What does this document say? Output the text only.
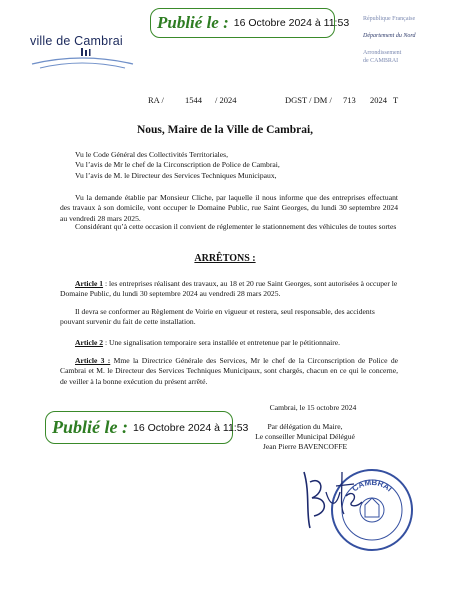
Publié le : 16 Octobre 2024 à 11:53
ville de Cambrai
République Française
Département du Nord
Arrondissement
de CAMBRAI
RA / 1544 / 2024	DGST / DM / 713 2024 T
Nous, Maire de la Ville de Cambrai,
Vu le Code Général des Collectivités Territoriales,
Vu l’avis de Mr le chef de la Circonscription de Police de Cambrai,
Vu l’avis de M. le Directeur des Services Techniques Municipaux,
Vu la demande établie par Monsieur Cliche, par laquelle il nous informe que des entreprises effectuant des travaux à son domicile, vont occuper le Domaine Public, rue Saint Georges, du lundi 30 septembre 2024 au vendredi 28 mars 2025.
Considérant qu’à cette occasion il convient de réglementer le stationnement des véhicules de toutes sortes
ARRÊTONS :
Article 1 : les entreprises réalisant des travaux, au 18 et 20 rue Saint Georges, sont autorisées à occuper le Domaine Public, du lundi 30 septembre 2024 au vendredi 28 mars 2025.
Il devra se conformer au Règlement de Voirie en vigueur et restera, seul responsable, des accidents pouvant survenir du fait de cette installation.
Article 2 : Une signalisation temporaire sera installée et entretenue par le pétitionnaire.
Article 3 : Mme la Directrice Générale des Services, Mr le chef de la Circonscription de Police de Cambrai et M. le Directeur des Services Techniques Municipaux, sont chargés, chacun en ce qui le concerne, de veiller à la bonne exécution du présent arrêté.
Publié le : 16 Octobre 2024 à 11:53
Cambrai, le 15 octobre 2024
Par délégation du Maire,
Le conseiller Municipal Délégué
Jean Pierre BAVENCOFFE
CAMBRAI
